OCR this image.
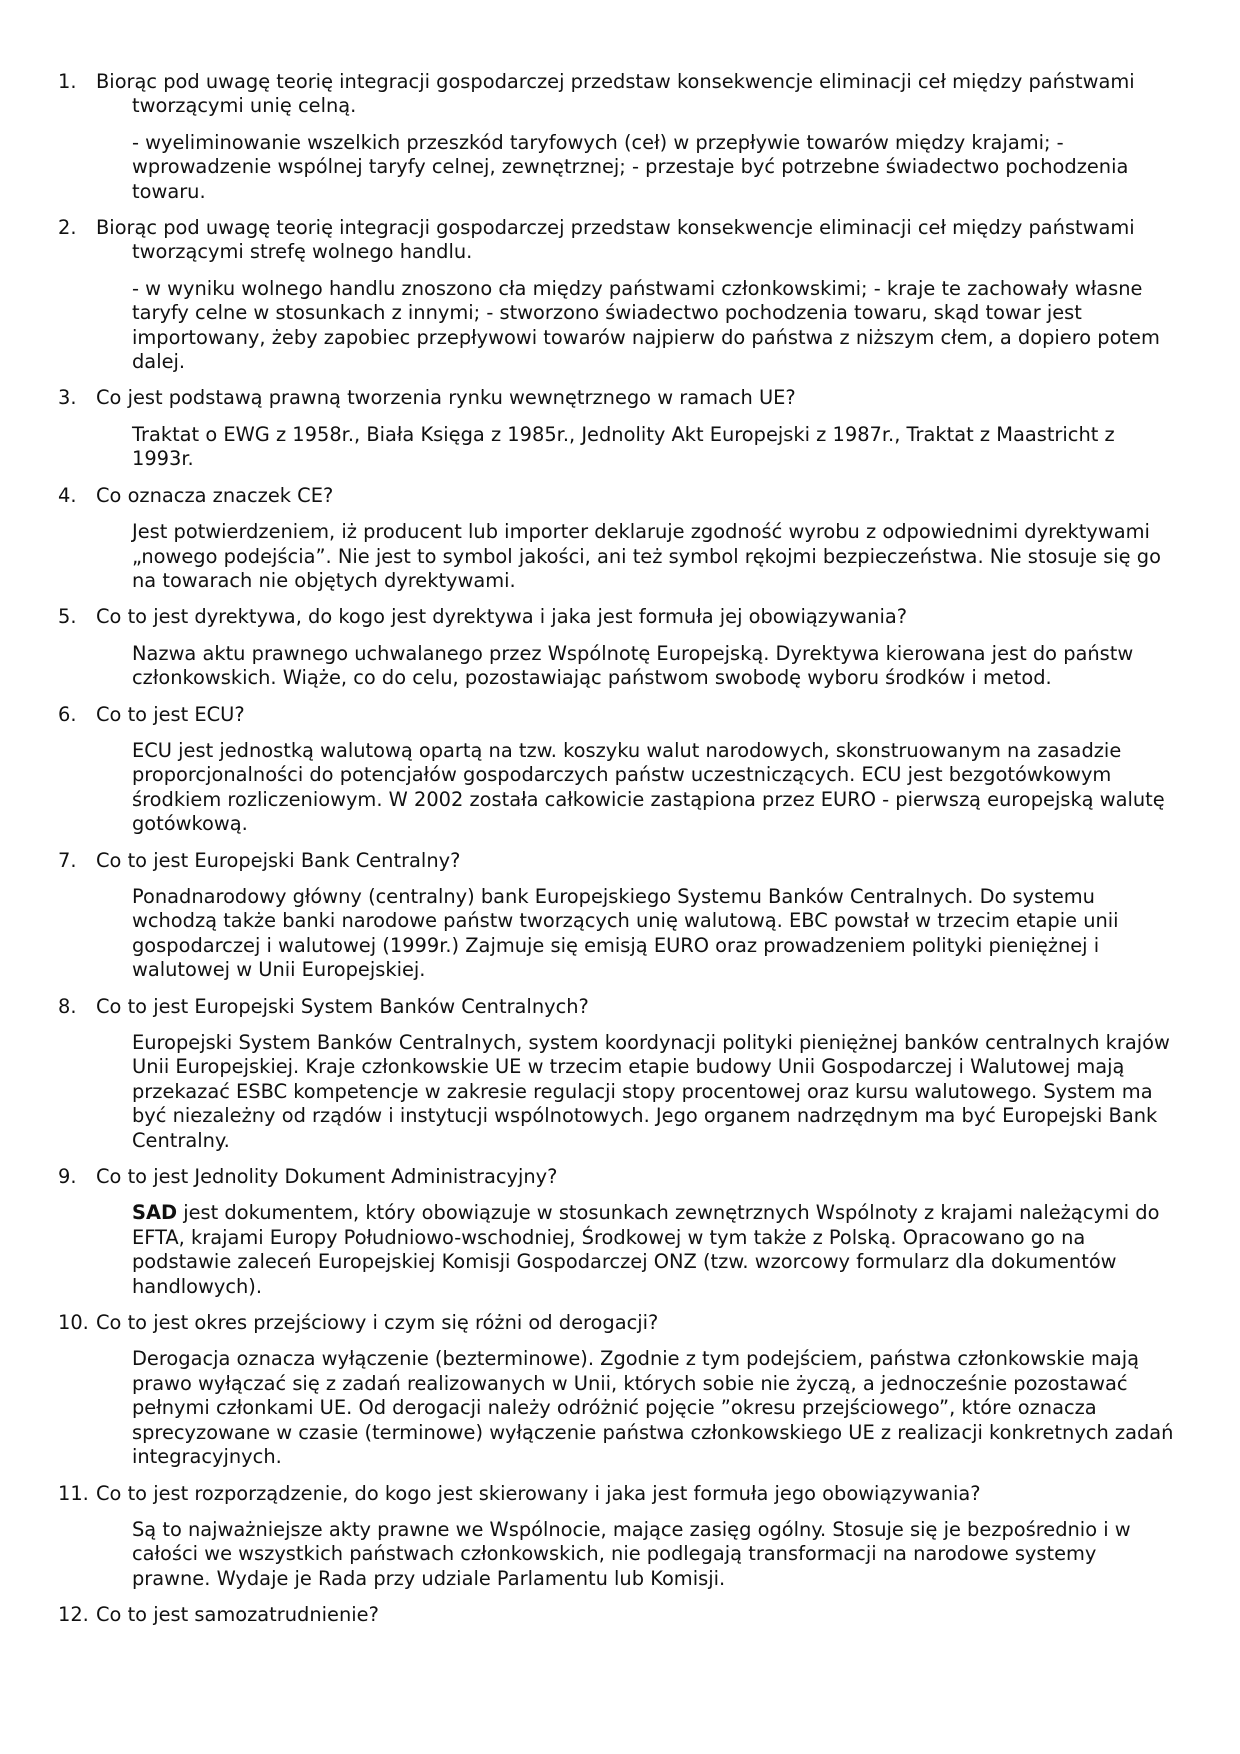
1.	Biorąc pod uwagę teorię integracji gospodarczej przedstaw konsekwencje eliminacji ceł między państwami tworzącymi unię celną.

- wyeliminowanie wszelkich przeszkód taryfowych (ceł) w przepływie towarów między krajami; - wprowadzenie wspólnej taryfy celnej, zewnętrznej; - przestaje być potrzebne świadectwo pochodzenia towaru.

2.	Biorąc pod uwagę teorię integracji gospodarczej przedstaw konsekwencje eliminacji ceł między państwami tworzącymi strefę wolnego handlu.

- w wyniku wolnego handlu znoszono cła między państwami członkowskimi; - kraje te zachowały własne taryfy celne w stosunkach z innymi; - stworzono świadectwo pochodzenia towaru, skąd towar jest importowany, żeby zapobiec przepływowi towarów najpierw do państwa z niższym cłem, a dopiero potem dalej.

3.	Co jest podstawą prawną tworzenia rynku wewnętrznego w ramach UE?

Traktat o EWG z 1958r., Biała Księga z 1985r., Jednolity Akt Europejski z 1987r., Traktat z Maastricht z 1993r.

4.	Co oznacza znaczek CE?

Jest potwierdzeniem, iż producent lub importer deklaruje zgodność wyrobu z odpowiednimi dyrektywami „nowego podejścia”. Nie jest to symbol jakości, ani też symbol rękojmi bezpieczeństwa. Nie stosuje się go na towarach nie objętych dyrektywami.

5.	Co to jest dyrektywa, do kogo jest dyrektywa i jaka jest formuła jej obowiązywania?

Nazwa aktu prawnego uchwalanego przez Wspólnotę Europejską. Dyrektywa kierowana jest do państw członkowskich. Wiąże, co do celu, pozostawiając państwom swobodę wyboru środków i metod.

6.	Co to jest ECU?

ECU jest jednostką walutową opartą na tzw. koszyku walut narodowych, skonstruowanym na zasadzie proporcjonalności do potencjałów gospodarczych państw uczestniczących. ECU jest bezgotówkowym środkiem rozliczeniowym. W 2002 została całkowicie zastąpiona przez EURO - pierwszą europejską walutę gotówkową.

7.	Co to jest Europejski Bank Centralny?

Ponadnarodowy główny (centralny) bank Europejskiego Systemu Banków Centralnych. Do systemu wchodzą także banki narodowe państw tworzących unię walutową. EBC powstał w trzecim etapie unii gospodarczej i walutowej (1999r.) Zajmuje się emisją EURO oraz prowadzeniem polityki pieniężnej i walutowej w Unii Europejskiej.

8.	Co to jest Europejski System Banków Centralnych?

Europejski System Banków Centralnych, system koordynacji polityki pieniężnej banków centralnych krajów Unii Europejskiej. Kraje członkowskie UE w trzecim etapie budowy Unii Gospodarczej i Walutowej mają przekazać ESBC kompetencje w zakresie regulacji stopy procentowej oraz kursu walutowego. System ma być niezależny od rządów i instytucji wspólnotowych. Jego organem nadrzędnym ma być Europejski Bank Centralny.

9.	Co to jest Jednolity Dokument Administracyjny?

SAD jest dokumentem, który obowiązuje w stosunkach zewnętrznych Wspólnoty z krajami należącymi do EFTA, krajami Europy Południowo-wschodniej, Środkowej w tym także z Polską. Opracowano go na podstawie zaleceń Europejskiej Komisji Gospodarczej ONZ (tzw. wzorcowy formularz dla dokumentów handlowych).

10. Co to jest okres przejściowy i czym się różni od derogacji?

Derogacja oznacza wyłączenie (bezterminowe). Zgodnie z tym podejściem, państwa członkowskie mają prawo wyłączać się z zadań realizowanych w Unii, których sobie nie życzą, a jednocześnie pozostawać pełnymi członkami UE. Od derogacji należy odróżnić pojęcie ”okresu przejściowego”, które oznacza sprecyzowane w czasie (terminowe) wyłączenie państwa członkowskiego UE z realizacji konkretnych zadań integracyjnych.

11. Co to jest rozporządzenie, do kogo jest skierowany i jaka jest formuła jego obowiązywania?

Są to najważniejsze akty prawne we Wspólnocie, mające zasięg ogólny. Stosuje się je bezpośrednio i w całości we wszystkich państwach członkowskich, nie podlegają transformacji na narodowe systemy prawne. Wydaje je Rada przy udziale Parlamentu lub Komisji.

12. Co to jest samozatrudnienie?
